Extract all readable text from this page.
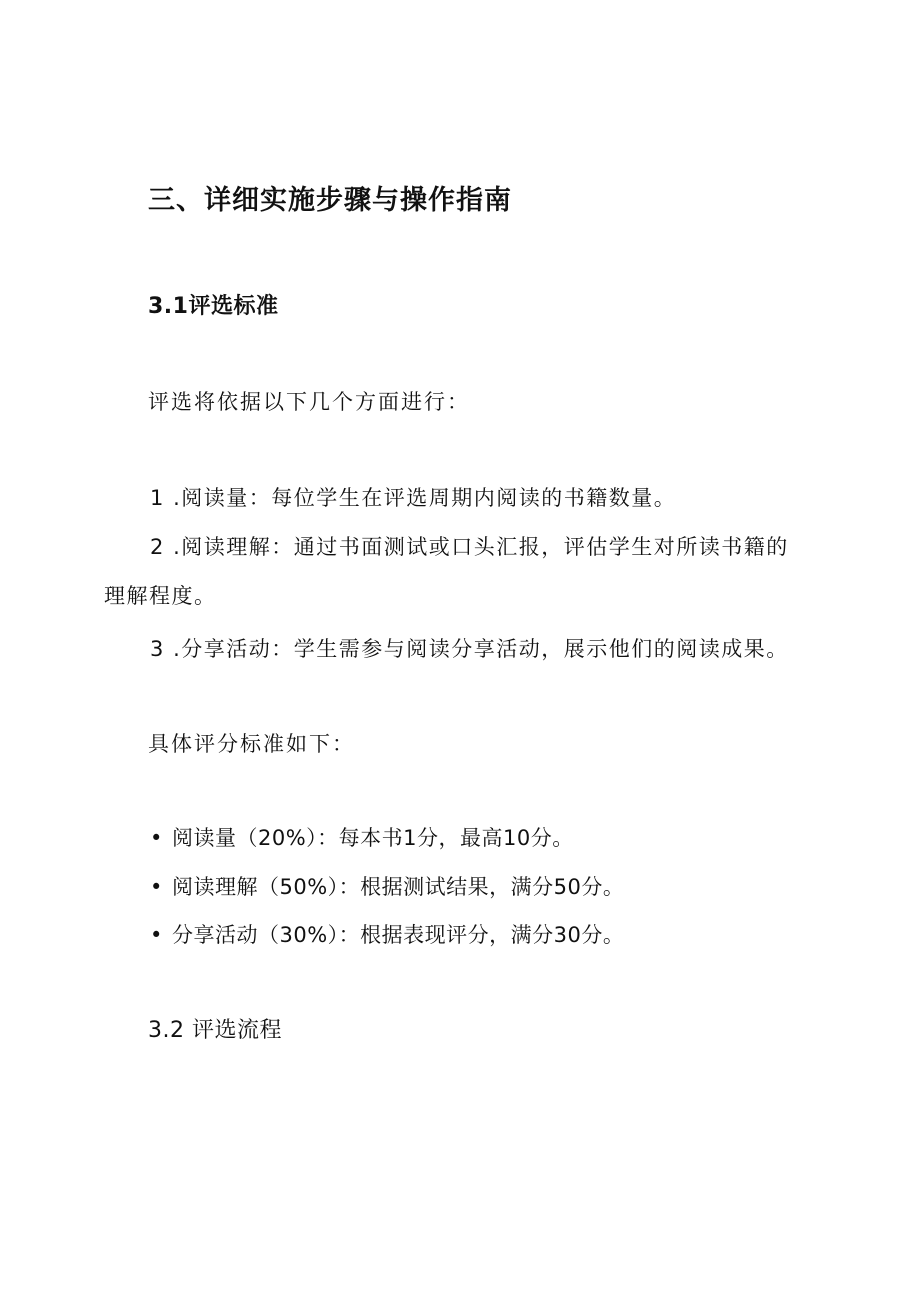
三、详细实施步骤与操作指南
3.1评选标准

评选将依据以下几个方面进行：

1 .阅读量：每位学生在评选周期内阅读的书籍数量。

2 .阅读理解：通过书面测试或口头汇报，评估学生对所读书籍的

理解程度。

3 .分享活动：学生需参与阅读分享活动，展示他们的阅读成果。

具体评分标准如下：

• 阅读量（20%）：每本书1分，最高10分。

• 阅读理解（50%）：根据测试结果，满分50分。

• 分享活动（30%）：根据表现评分，满分30分。

3.2 评选流程
